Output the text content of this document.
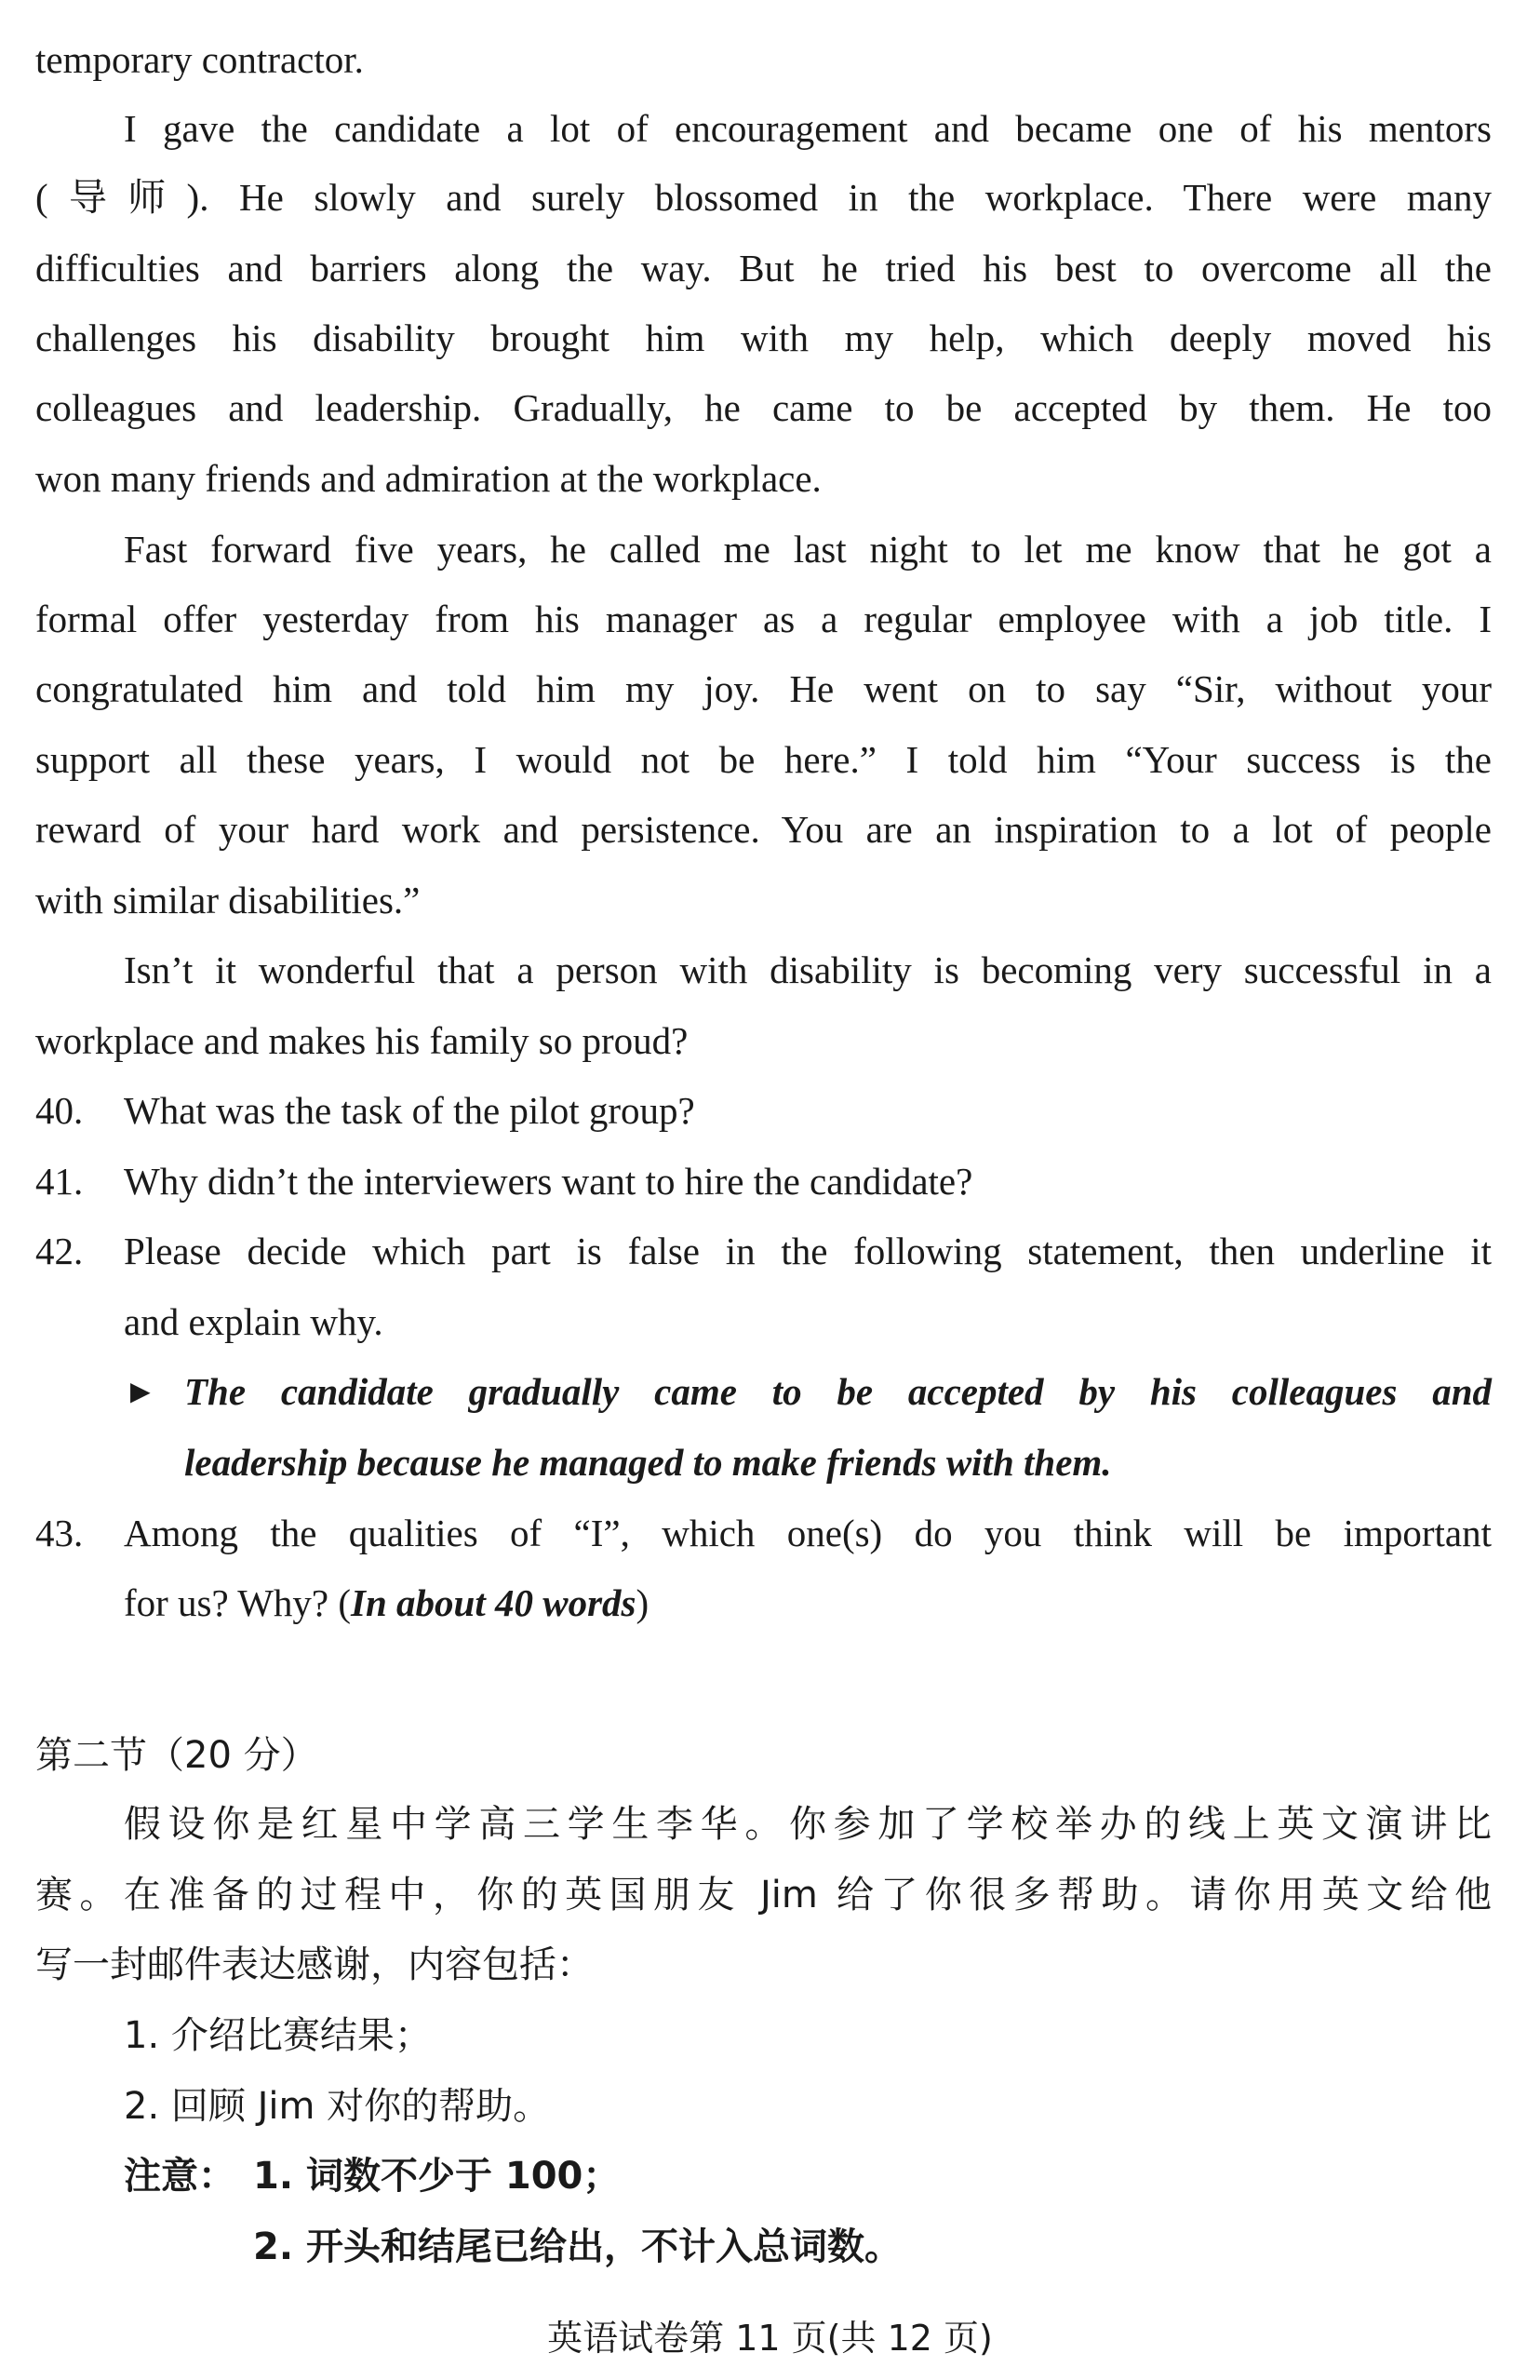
temporary contractor.
I gave the candidate a lot of encouragement and became one of his mentors
(导师). He slowly and surely blossomed in the workplace. There were many
difficulties and barriers along the way. But he tried his best to overcome all the
challenges his disability brought him with my help, which deeply moved his
colleagues and leadership. Gradually, he came to be accepted by them. He too
won many friends and admiration at the workplace.
Fast forward five years, he called me last night to let me know that he got a
formal offer yesterday from his manager as a regular employee with a job title. I
congratulated him and told him my joy. He went on to say “Sir, without your
support all these years, I would not be here.” I told him “Your success is the
reward of your hard work and persistence. You are an inspiration to a lot of people
with similar disabilities.”
Isn’t it wonderful that a person with disability is becoming very successful in a
workplace and makes his family so proud?
40. What was the task of the pilot group?
41. Why didn’t the interviewers want to hire the candidate?
42. Please decide which part is false in the following statement, then underline it
and explain why.
► The candidate gradually came to be accepted by his colleagues and
leadership because he managed to make friends with them.
43. Among the qualities of “I”, which one(s) do you think will be important
for us? Why? (In about 40 words)
第二节（20 分）
假设你是红星中学高三学生李华。你参加了学校举办的线上英文演讲比
赛。在准备的过程中，你的英国朋友 Jim 给了你很多帮助。请你用英文给他
写一封邮件表达感谢，内容包括：
1. 介绍比赛结果；
2. 回顾 Jim 对你的帮助。
注意： 1. 词数不少于 100；
2. 开头和结尾已给出，不计入总词数。
英语试卷第 11 页(共 12 页)
